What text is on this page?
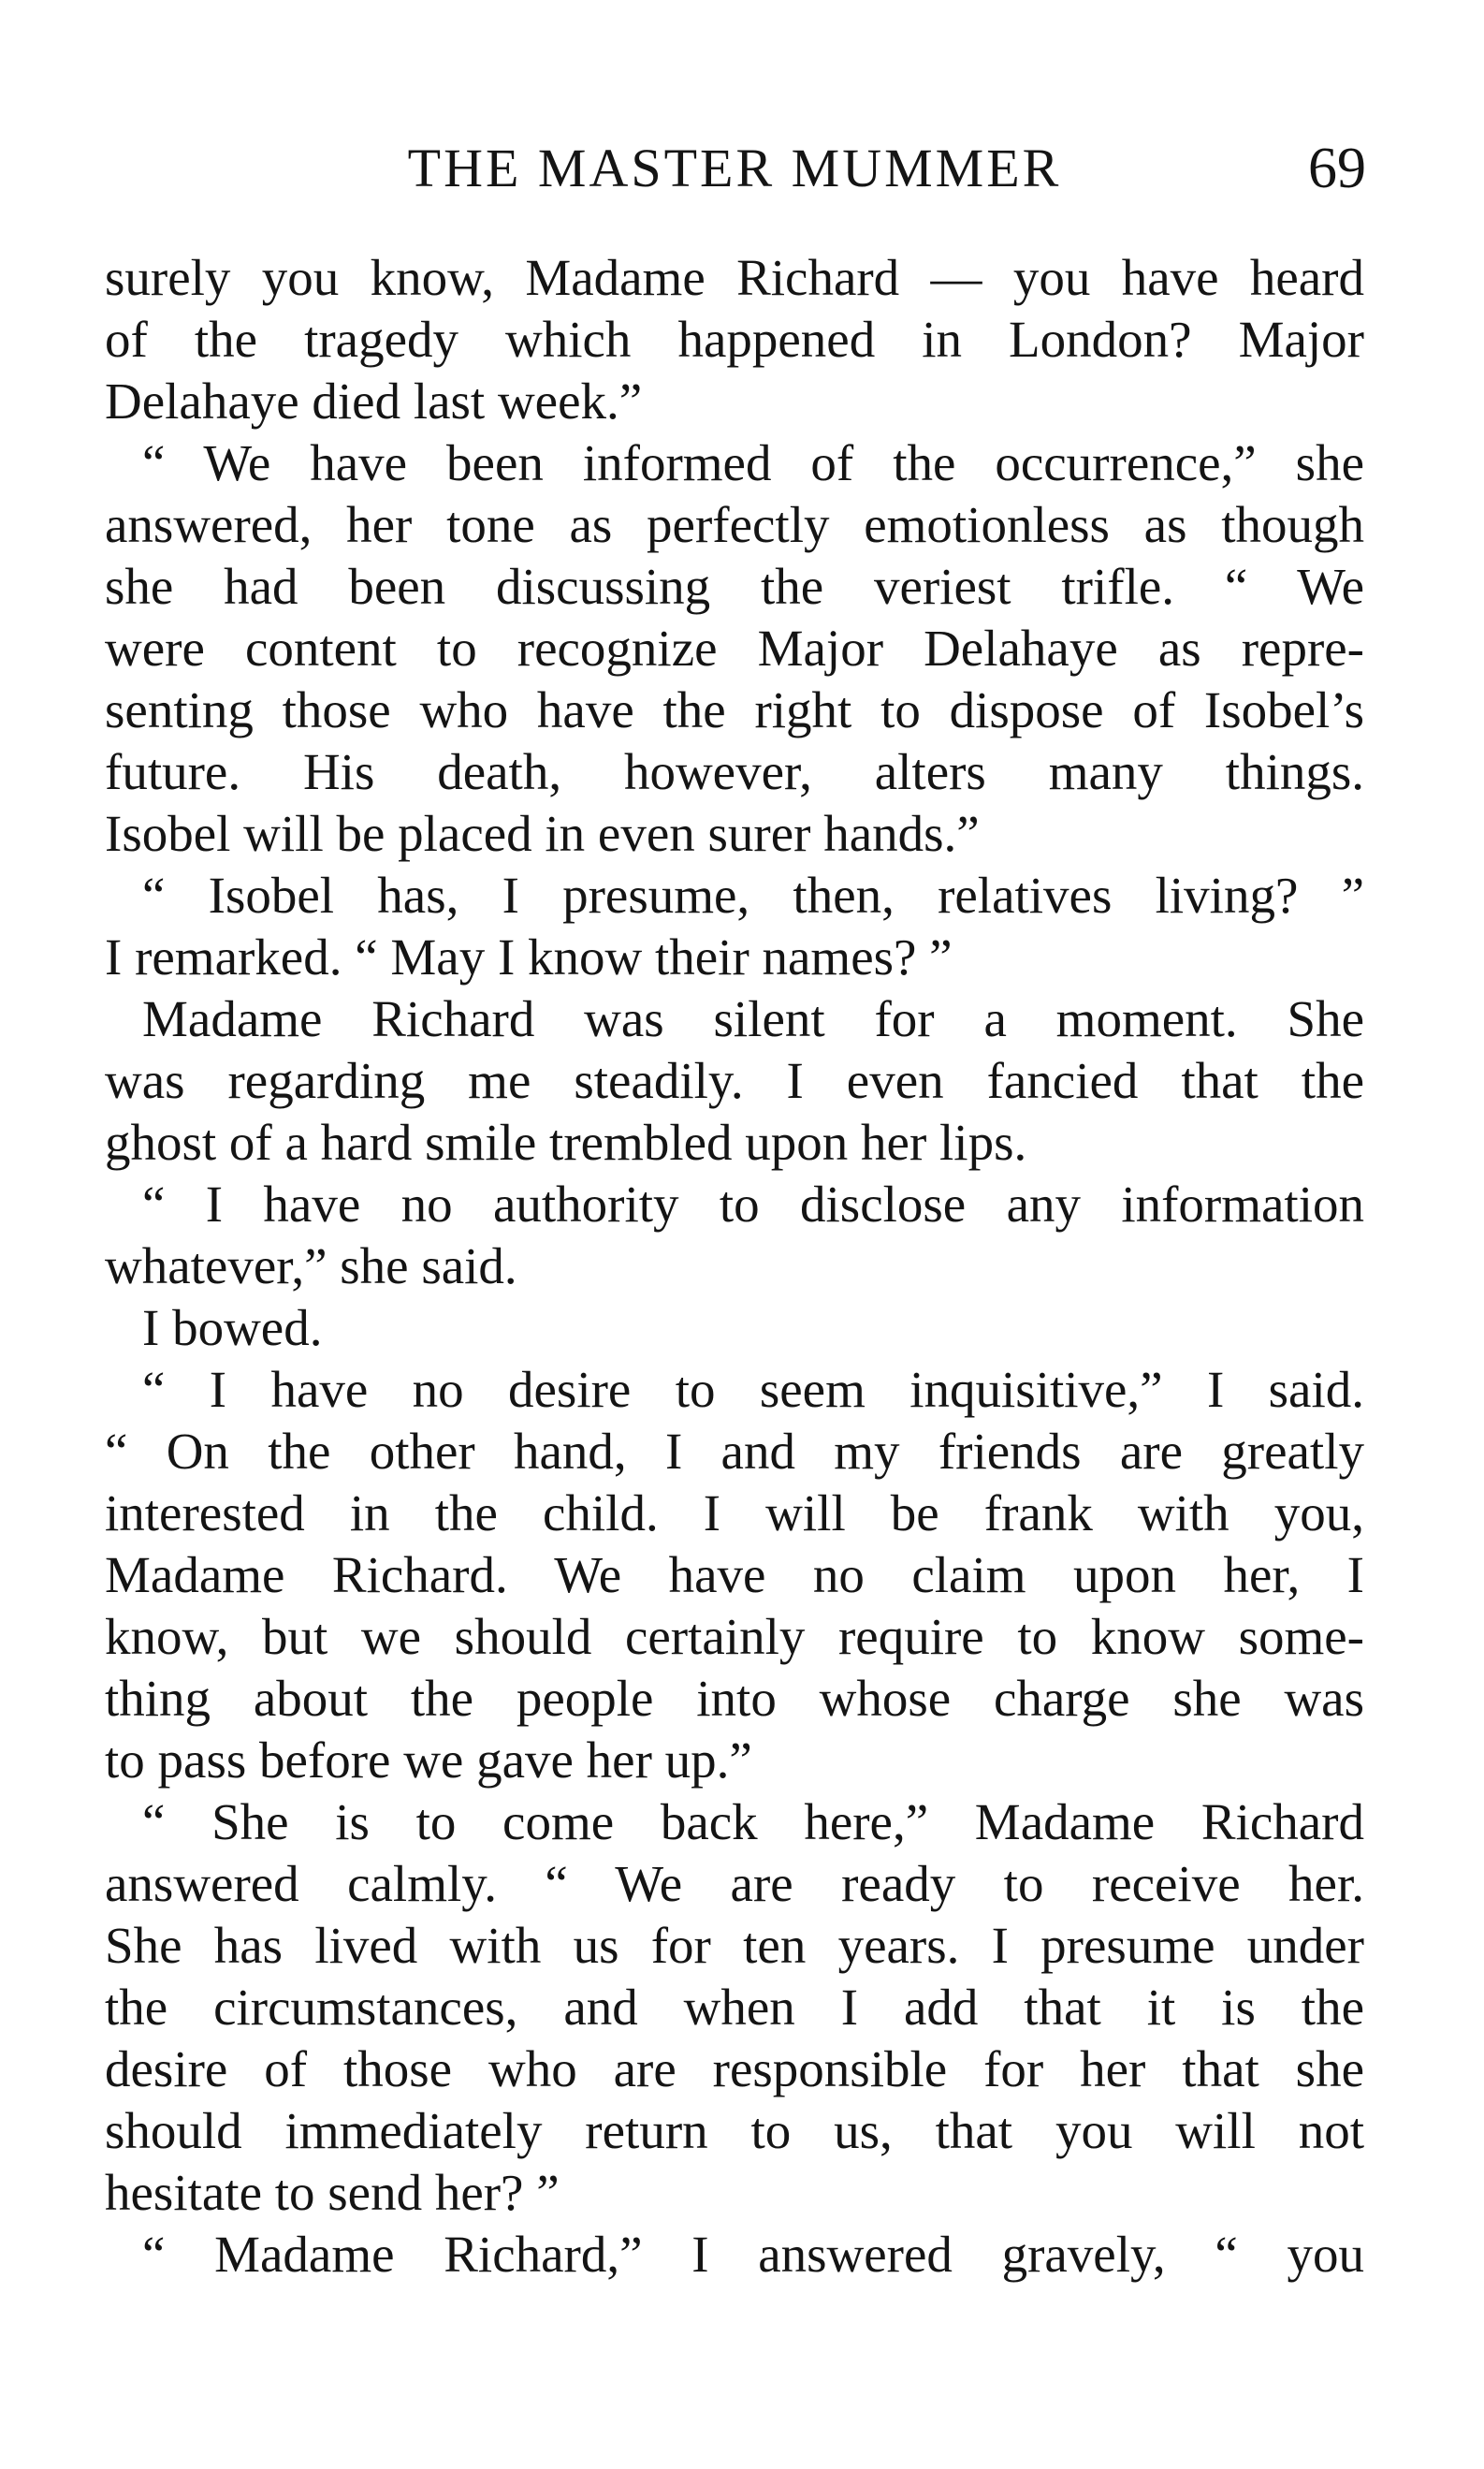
THE MASTER MUMMER	69
surely you know, Madame Richard — you have heard
of the tragedy which happened in London? Major
Delahaye died last week.”
“ We have been informed of the occurrence,” she
answered, her tone as perfectly emotionless as though
she had been discussing the veriest trifle. “ We
were content to recognize Major Delahaye as repre-
senting those who have the right to dispose of Isobel’s
future. His death, however, alters many things.
Isobel will be placed in even surer hands.”
“ Isobel has, I presume, then, relatives living? ”
I remarked. “ May I know their names? ”
Madame Richard was silent for a moment. She
was regarding me steadily. I even fancied that the
ghost of a hard smile trembled upon her lips.
“ I have no authority to disclose any information
whatever,” she said.
I bowed.
“ I have no desire to seem inquisitive,” I said.
“ On the other hand, I and my friends are greatly
interested in the child. I will be frank with you,
Madame Richard. We have no claim upon her, I
know, but we should certainly require to know some-
thing about the people into whose charge she was
to pass before we gave her up.”
“ She is to come back here,” Madame Richard
answered calmly. “ We are ready to receive her.
She has lived with us for ten years. I presume under
the circumstances, and when I add that it is the
desire of those who are responsible for her that she
should immediately return to us, that you will not
hesitate to send her? ”
“ Madame Richard,” I answered gravely, “ you
